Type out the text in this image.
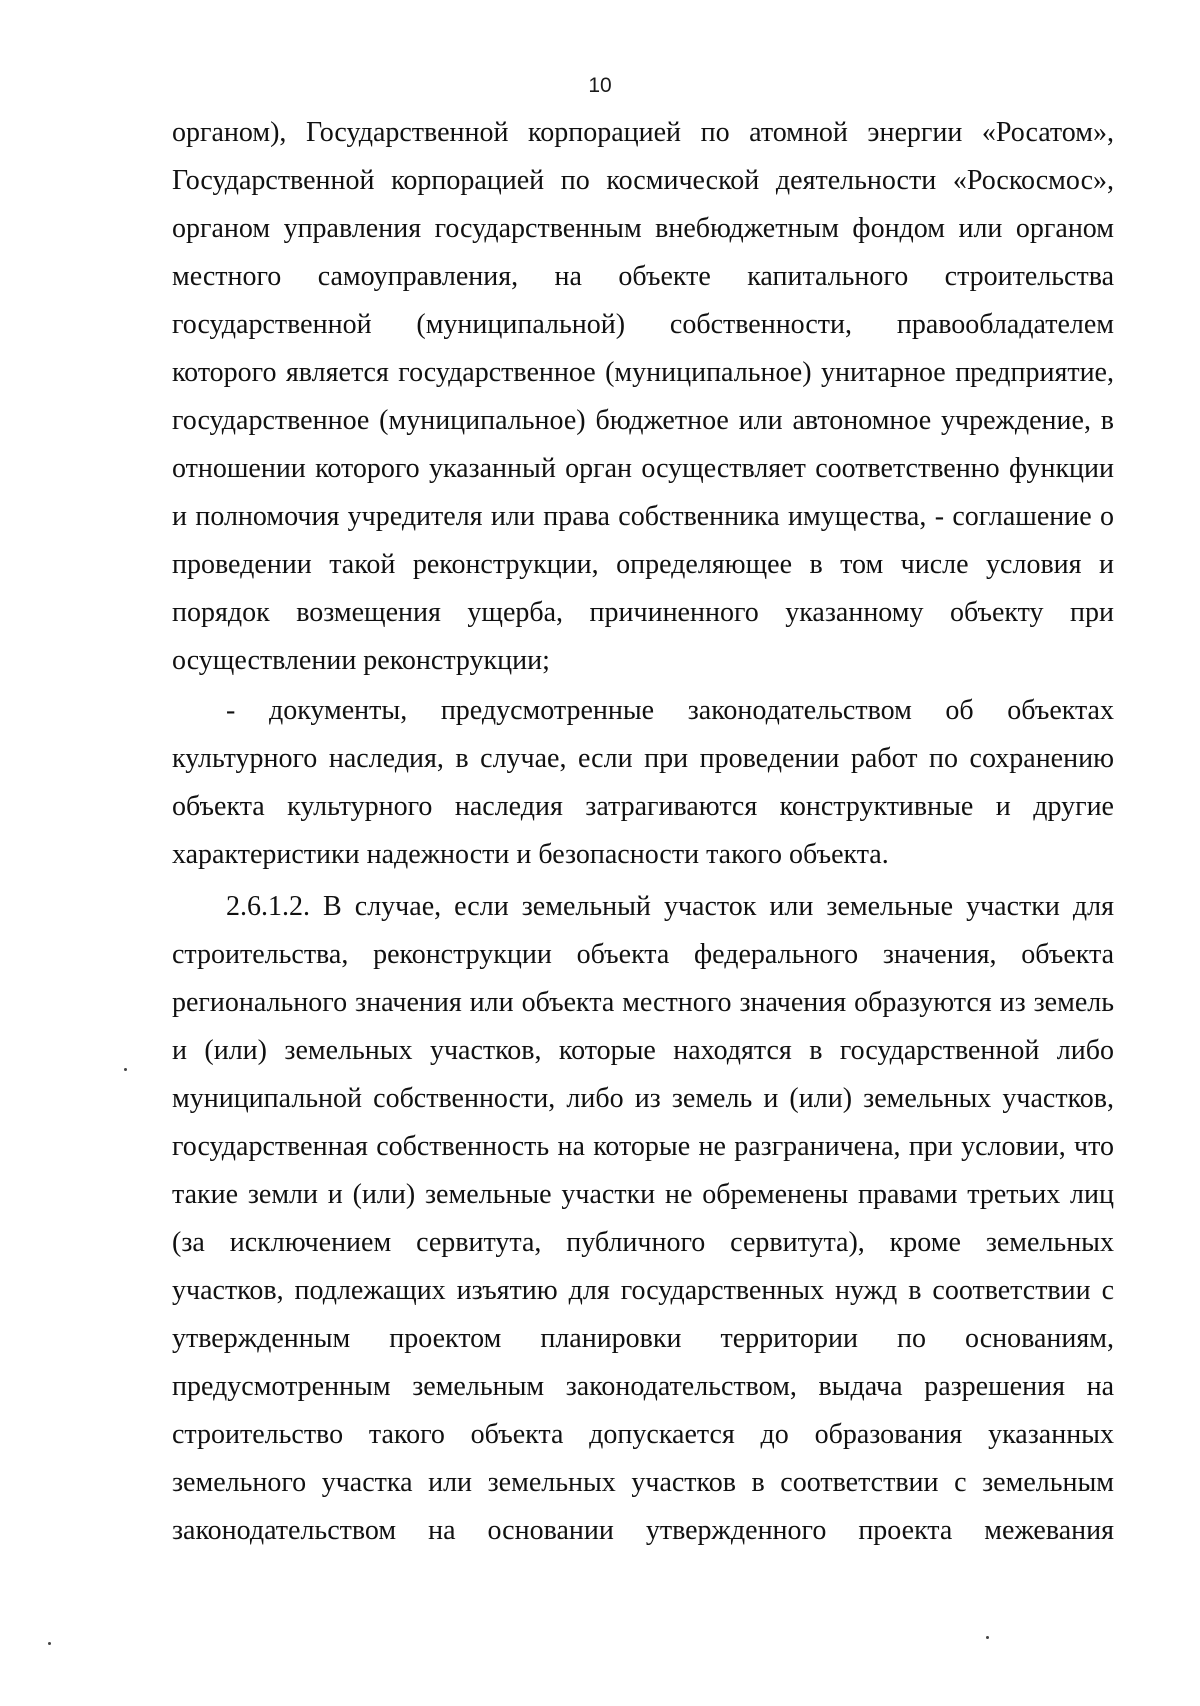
10
органом), Государственной корпорацией по атомной энергии «Росатом»,
Государственной корпорацией по космической деятельности «Роскосмос»,
органом управления государственным внебюджетным фондом или органом
местного самоуправления, на объекте капитального строительства
государственной (муниципальной) собственности, правообладателем
которого является государственное (муниципальное) унитарное предприятие,
государственное (муниципальное) бюджетное или автономное учреждение, в
отношении которого указанный орган осуществляет соответственно функции
и полномочия учредителя или права собственника имущества, - соглашение о
проведении такой реконструкции, определяющее в том числе условия и
порядок возмещения ущерба, причиненного указанному объекту при
осуществлении реконструкции;
- документы, предусмотренные законодательством об объектах
культурного наследия, в случае, если при проведении работ по сохранению
объекта культурного наследия затрагиваются конструктивные и другие
характеристики надежности и безопасности такого объекта.
2.6.1.2. В случае, если земельный участок или земельные участки для
строительства, реконструкции объекта федерального значения, объекта
регионального значения или объекта местного значения образуются из земель
и (или) земельных участков, которые находятся в государственной либо
муниципальной собственности, либо из земель и (или) земельных участков,
государственная собственность на которые не разграничена, при условии, что
такие земли и (или) земельные участки не обременены правами третьих лиц
(за исключением сервитута, публичного сервитута), кроме земельных
участков, подлежащих изъятию для государственных нужд в соответствии с
утвержденным проектом планировки территории по основаниям,
предусмотренным земельным законодательством, выдача разрешения на
строительство такого объекта допускается до образования указанных
земельного участка или земельных участков в соответствии с земельным
законодательством на основании утвержденного проекта межевания
